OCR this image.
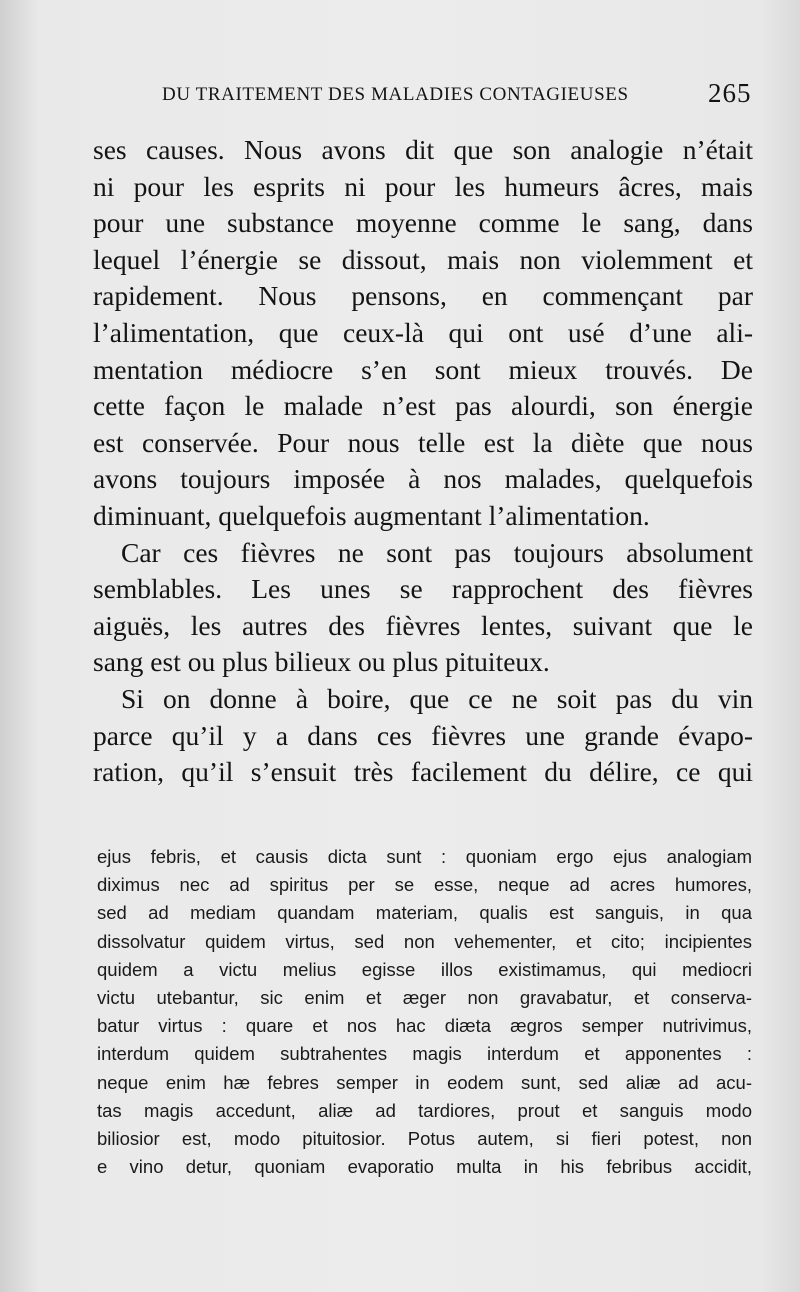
DU TRAITEMENT DES MALADIES CONTAGIEUSES	265
ses causes. Nous avons dit que son analogie n’était
ni pour les esprits ni pour les humeurs âcres, mais
pour une substance moyenne comme le sang, dans
lequel l’énergie se dissout, mais non violemment et
rapidement. Nous pensons, en commençant par
l’alimentation, que ceux-là qui ont usé d’une ali-
mentation médiocre s’en sont mieux trouvés. De
cette façon le malade n’est pas alourdi, son énergie
est conservée. Pour nous telle est la diète que nous
avons toujours imposée à nos malades, quelquefois
diminuant, quelquefois augmentant l’alimentation.
Car ces fièvres ne sont pas toujours absolument
semblables. Les unes se rapprochent des fièvres
aiguës, les autres des fièvres lentes, suivant que le
sang est ou plus bilieux ou plus pituiteux.
Si on donne à boire, que ce ne soit pas du vin
parce qu’il y a dans ces fièvres une grande évapo-
ration, qu’il s’ensuit très facilement du délire, ce qui
ejus febris, et causis dicta sunt : quoniam ergo ejus analogiam
diximus nec ad spiritus per se esse, neque ad acres humores,
sed ad mediam quandam materiam, qualis est sanguis, in qua
dissolvatur quidem virtus, sed non vehementer, et cito; incipientes
quidem a victu melius egisse illos existimamus, qui mediocri
victu utebantur, sic enim et æger non gravabatur, et conserva-
batur virtus : quare et nos hac diæta ægros semper nutrivimus,
interdum quidem subtrahentes magis interdum et apponentes :
neque enim hæ febres semper in eodem sunt, sed aliæ ad acu-
tas magis accedunt, aliæ ad tardiores, prout et sanguis modo
biliosior est, modo pituitosior. Potus autem, si fieri potest, non
e vino detur, quoniam evaporatio multa in his febribus accidit,
